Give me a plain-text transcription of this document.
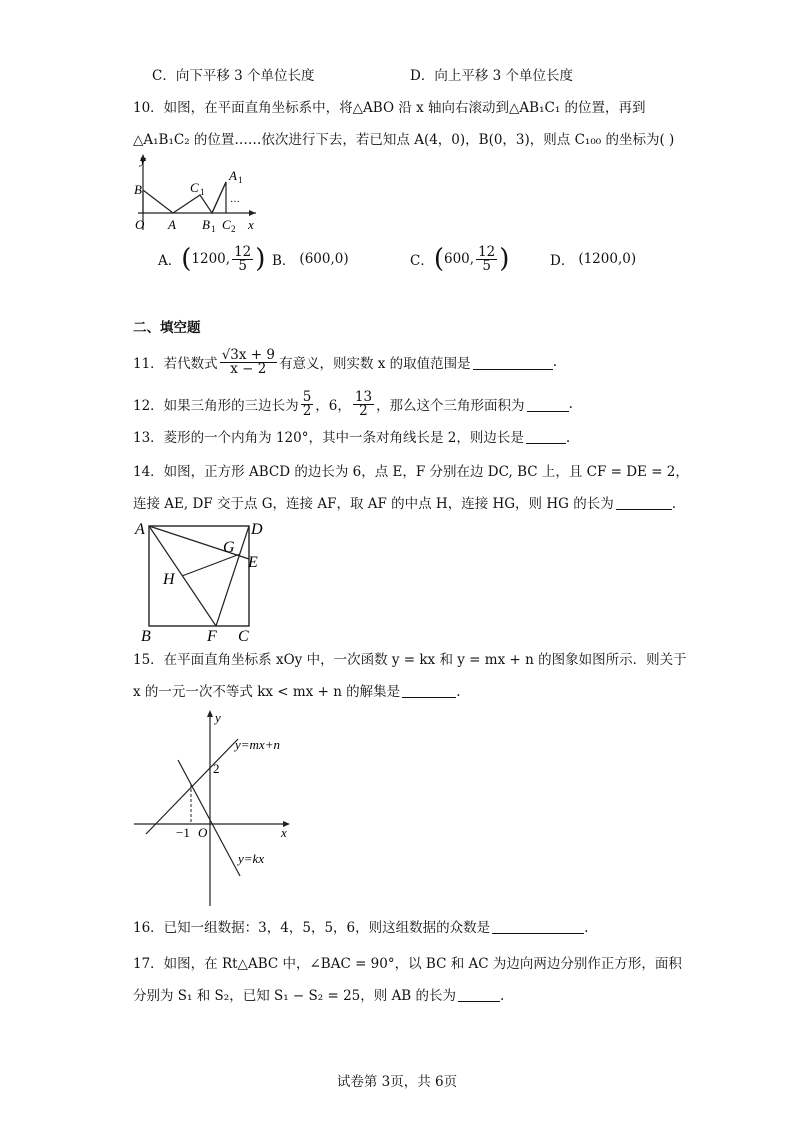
C．向下平移 3 个单位长度	D．向上平移 3 个单位长度
10．如图，在平面直角坐标系中，将△ABO 沿 x 轴向右滚动到△AB₁C₁ 的位置，再到
△A₁B₁C₂ 的位置……依次进行下去，若已知点 A(4，0)，B(0，3)，则点 C₁₀₀ 的坐标为( )
y
B	C 1
A 1
…
O A B 1 C 2 x
A． ( 1200, $\frac{12}{5}$ ) B． (600,0)	C． ( 600, $\frac{12}{5}$ )	D． (1200,0)
二、填空题
11．若代数式 $\frac{√3x + 9}{x - 2}$ 有意义，则实数 x 的取值范围是	.
12．如果三角形的三边长为 $\frac{5}{2}$ ，6， $\frac{13}{2}$ ，那么这个三角形面积为	.
13．菱形的一个内角为 120°，其中一条对角线长是 2，则边长是	.
14．如图，正方形 ABCD 的边长为 6，点 E，F 分别在边 DC, BC 上，且 CF = DE = 2，
连接 AE, DF 交于点 G，连接 AF，取 AF 的中点 H，连接 HG，则 HG 的长为	.
A	D
G
E
H
B	F C
15．在平面直角坐标系 xOy 中，一次函数 y = kx 和 y = mx + n 的图象如图所示．则关于
x 的一元一次不等式 kx < mx + n 的解集是	.
y
x
O
−1
2
y=mx+n
y=kx
16．已知一组数据：3，4，5，5，6，则这组数据的众数是	.
17．如图，在 Rt△ABC 中，∠BAC = 90°，以 BC 和 AC 为边向两边分别作正方形，面积
分别为 S₁ 和 S₂，已知 S₁ − S₂ = 25，则 AB 的长为	.
试卷第 3页，共 6页
